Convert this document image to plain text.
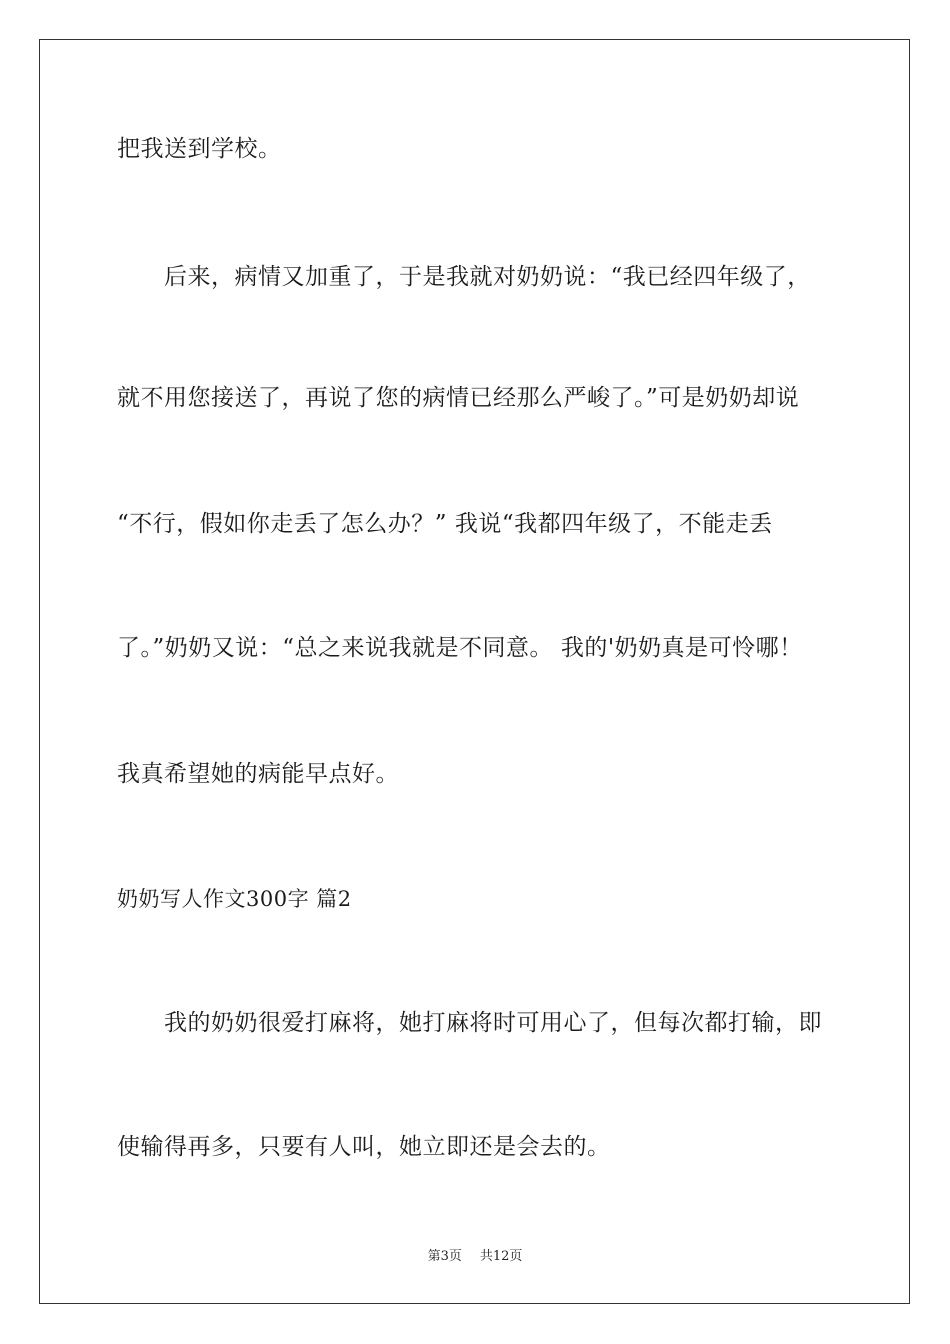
把我送到学校。
后来，病情又加重了，于是我就对奶奶说：“我已经四年级了，
就不用您接送了，再说了您的病情已经那么严峻了。”可是奶奶却说
“不行，假如你走丢了怎么办？” 我说“我都四年级了，不能走丢
了。”奶奶又说：“总之来说我就是不同意。 我的'奶奶真是可怜哪！
我真希望她的病能早点好。
奶奶写人作文300字 篇2
我的奶奶很爱打麻将，她打麻将时可用心了，但每次都打输，即
使输得再多，只要有人叫，她立即还是会去的。
第3页 共12页
